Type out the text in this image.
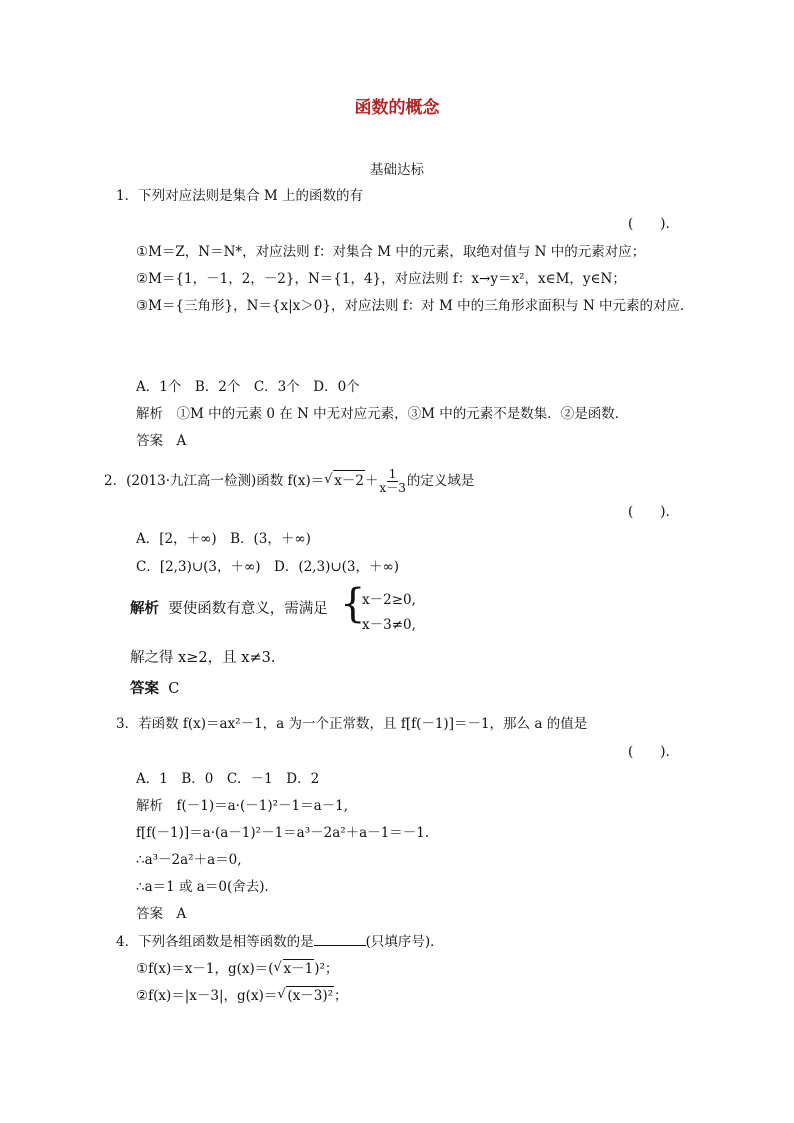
函数的概念
基础达标
1．下列对应法则是集合 M 上的函数的有
(　　).
①M＝Z，N＝N*，对应法则 f：对集合 M 中的元素，取绝对值与 N 中的元素对应；
②M＝{1，－1，2，－2}，N＝{1，4}，对应法则 f：x→y＝x²，x∈M，y∈N；
③M＝{三角形}，N＝{x|x＞0}，对应法则 f：对 M 中的三角形求面积与 N 中元素的对应．
A．1个　B．2个　C．3个　D．0个
解析　①M 中的元素 0 在 N 中无对应元素，③M 中的元素不是数集．②是函数．
答案　A
2．(2013·九江高一检测)函数 f(x)＝ √ $x-2+ \frac{1}{x-3}$ 的定义域是
(　　).
A．[2，＋∞)　B．(3，＋∞)
C．[2,3)∪(3，＋∞)　D．(2,3)∪(3，＋∞)
解析 要使函数有意义，需满足 {
x－2≥0,
x－3≠0,
解之得 x≥2，且 x≠3.
答案 C
3．若函数 f(x)＝ax²－1，a 为一个正常数，且 f[f(－1)]＝－1，那么 a 的值是
(　　).
A．1　B．0　C．－1　D．2
解析　f(－1)＝a·(－1)²－1＝a－1,
f[f(－1)]＝a·(a－1)²－1＝a³－2a²＋a－1＝－1.
∴a³－2a²＋a＝0,
∴a＝1 或 a＝0(舍去)．
答案　A
4．下列各组函数是相等函数的是	(只填序号)．
①f(x)＝x－1，g(x)＝( √ x－1)²；
②f(x)＝|x－3|，g(x)＝ √ (x－3)²；
